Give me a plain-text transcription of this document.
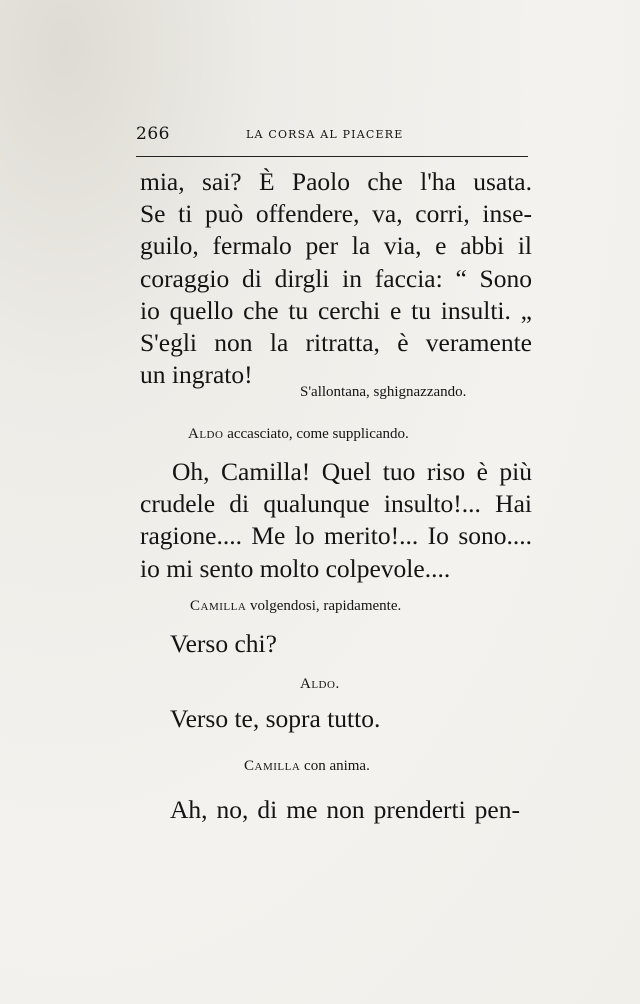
266	LA CORSA AL PIACERE
mia, sai? È Paolo che l'ha usata.
Se ti può offendere, va, corri, inse-
guilo, fermalo per la via, e abbi il
coraggio di dirgli in faccia: “ Sono
io quello che tu cerchi e tu insulti. „
S'egli non la ritratta, è veramente
un ingrato!
S'allontana, sghignazzando.
Aldo accasciato, come supplicando.
Oh, Camilla! Quel tuo riso è più
crudele di qualunque insulto!... Hai
ragione.... Me lo merito!... Io sono....
io mi sento molto colpevole....
Camilla volgendosi, rapidamente.
Verso chi?
Aldo.
Verso te, sopra tutto.
Camilla con anima.
Ah, no, di me non prenderti pen-
